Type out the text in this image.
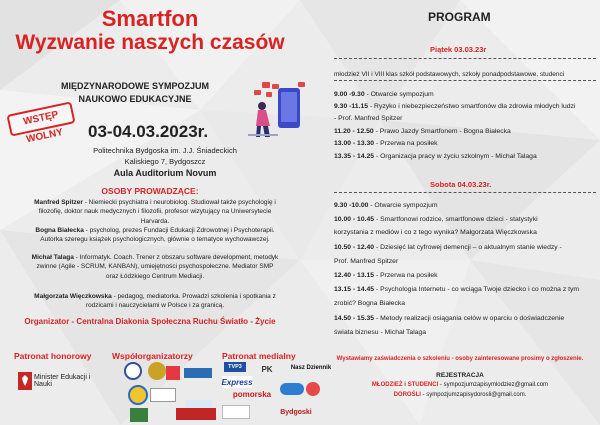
Smartfon
Wyzwanie naszych czasów
MIĘDZYNARODOWE SYMPOZJUM
NAUKOWO EDUKACYJNE
WSTĘP WOLNY	03-04.03.2023r.
Politechnika Bydgoska im. J.J. Śniadeckich
Kaliskiego 7, Bydgoszcz
Aula Auditorium Novum
OSOBY PROWADZĄCE:
Manfred Spitzer - Niemiecki psychiatra i neurobiolog. Studiował także psychologię i filozofię, doktor nauk medycznych i filozofii, profesor wizytujący na Uniwersytecie Harvarda.
Bogna Białecka - psycholog, prezes Fundacji Edukacji Zdrowotnej i Psychoterapii. Autorka szeregu książek psychologicznych, głównie o tematyce wychowawczej.
Michał Talaga - Informatyk. Coach. Trener z obszaru software development, metodyk zwinne (Agile - SCRUM, KANBAN), umiejętności psychospołeczne. Mediator SMP oraz Łódzkiego Centrum Mediacji.
Małgorzata Więczkowska - pedagog, mediatorka. Prowadzi szkolenia i spotkania z rodzicami i nauczycielami w Polsce i za granicą.
Organizator - Centralna Diakonia Społeczna Ruchu Światło - Życie
Patronat honorowy Współorganizatorzy	Patronat medialny
Minister Edukacji i Nauki
TVP3
Express
PK	Nasz Dziennik
pomorska
Bydgoski
PROGRAM
Piątek 03.03.23r
młodzież VII i VIII klas szkół podstawowych, szkoły ponadpodstawowe, studenci
9.00 -9.30 - Otwarcie sympozjum
9.30 -11.15 - Ryzyko i niebezpieczeństwo smartfonów dla zdrowia młodych ludzi
- Prof. Manfred Spitzer
11.20 - 12.50 - Prawo Jazdy Smartfonem - Bogna Białecka
13.00 - 13.30 - Przerwa na posiłek
13.35 - 14.25 - Organizacja pracy w życiu szkolnym - Michał Talaga
Sobota 04.03.23r.
9.30 -10.00 - Otwarcie sympozjum
10.00 - 10.45 - Smartfonowi rodzice, smartfonowe dzieci - statystyki
korzystania z mediów i co z tego wynika? Małgorzata Więczkowska
10.50 - 12.40 - Dziesięć lat cyfrowej demencji – o aktualnym stanie wiedzy -
Prof. Manfred Spitzer
12.40 - 13.15 - Przerwa na posiłek
13.15 - 14.45 - Psychologia Internetu - co wciąga Twoje dziecko i co można z tym
zrobić? Bogna Białecka
14.50 - 15.35 - Metody realizacji osiągania celów w oparciu o doświadczenie
świata biznesu - Michał Talaga
Wystawiamy zaświadczenia o szkoleniu - osoby zainteresowane prosimy o zgłoszenie.
REJESTRACJA
MŁODZIEŻ i STUDENCI - sympozjumzapisymlodziez@gmail.com
DOROŚLI - sympozjumzapisydorosli@gmail.com.
